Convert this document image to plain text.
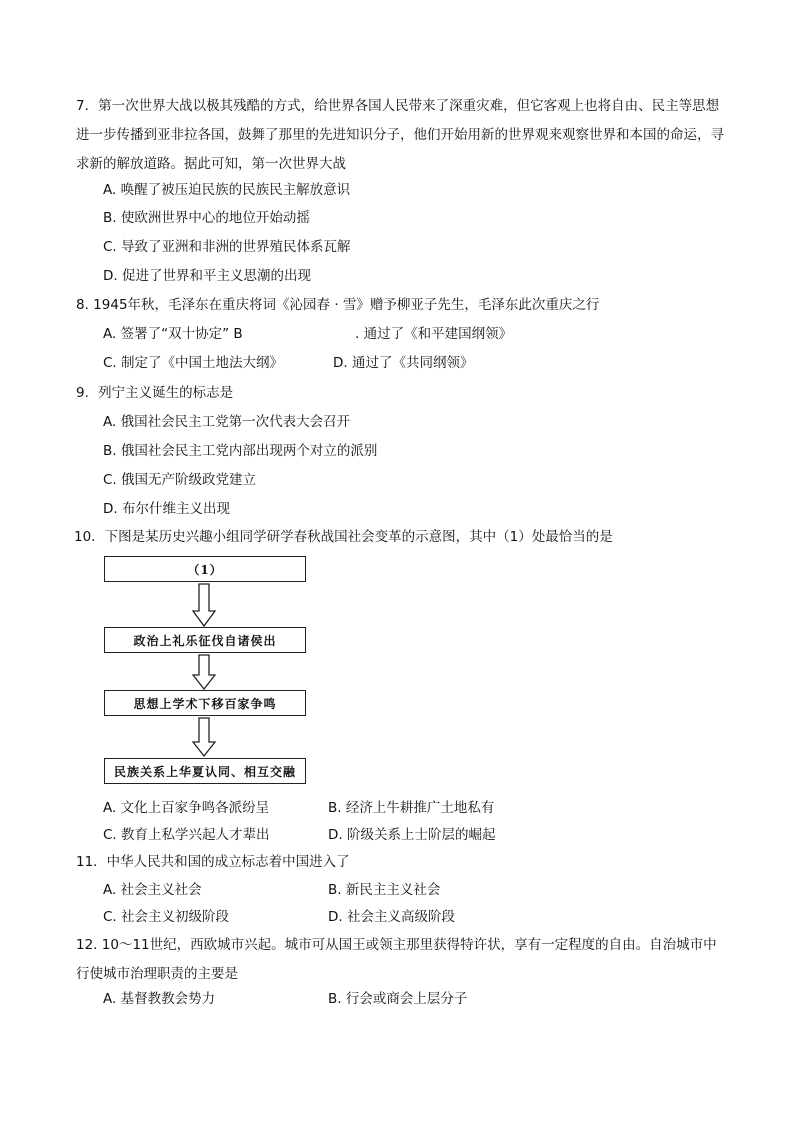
7．第一次世界大战以极其残酷的方式，给世界各国人民带来了深重灾难，但它客观上也将自由、民主等思想进一步传播到亚非拉各国，鼓舞了那里的先进知识分子，他们开始用新的世界观来观察世界和本国的命运，寻求新的解放道路。据此可知，第一次世界大战

A. 唤醒了被压迫民族的民族民主解放意识
B. 使欧洲世界中心的地位开始动摇
C. 导致了亚洲和非洲的世界殖民体系瓦解
D. 促进了世界和平主义思潮的出现
8. 1945年秋，毛泽东在重庆将词《沁园春 · 雪》赠予柳亚子先生，毛泽东此次重庆之行
A. 签署了“双十协定” B	. 通过了《和平建国纲领》
C. 制定了《中国土地法大纲》	D. 通过了《共同纲领》
9．列宁主义诞生的标志是
A. 俄国社会民主工党第一次代表大会召开
B. 俄国社会民主工党内部出现两个对立的派别
C. 俄国无产阶级政党建立
D. 布尔什维主义出现
10．下图是某历史兴趣小组同学研学春秋战国社会变革的示意图，其中（1）处最恰当的是
（1）
政治上礼乐征伐自诸侯出
思想上学术下移百家争鸣
民族关系上华夏认同、相互交融
A. 文化上百家争鸣各派纷呈	B. 经济上牛耕推广土地私有
C. 教育上私学兴起人才辈出	D. 阶级关系上士阶层的崛起
11．中华人民共和国的成立标志着中国进入了
A. 社会主义社会	B. 新民主主义社会
C. 社会主义初级阶段	D. 社会主义高级阶段

12. 10～11世纪，西欧城市兴起。城市可从国王或领主那里获得特许状，享有一定程度的自由。自治城市中行使城市治理职责的主要是

A. 基督教教会势力	B. 行会或商会上层分子
